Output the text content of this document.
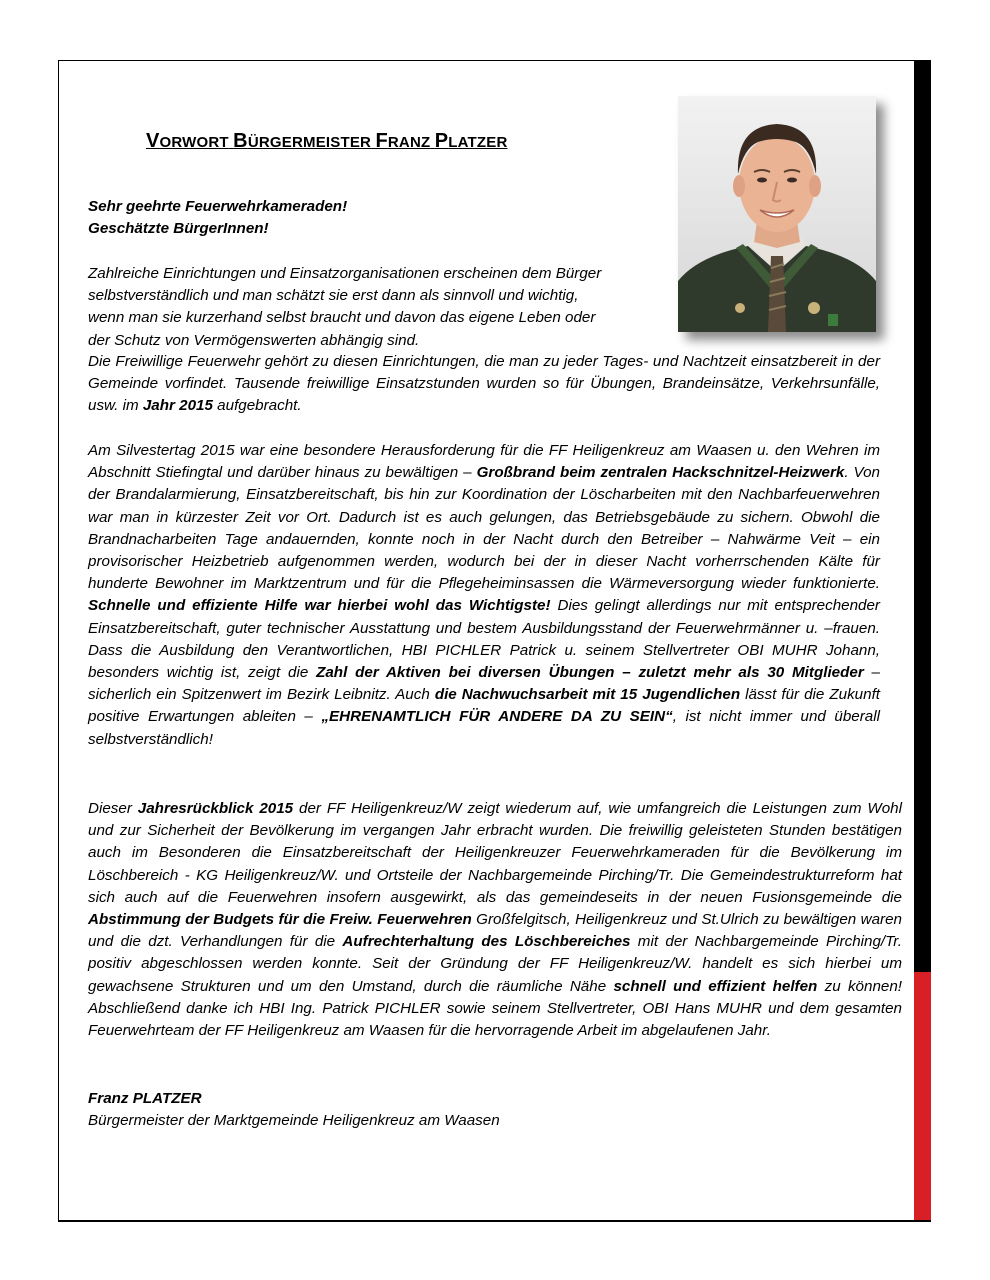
VORWORT BÜRGERMEISTER FRANZ PLATZER

Sehr geehrte Feuerwehrkameraden!

Geschätzte BürgerInnen!

Zahlreiche Einrichtungen und Einsatzorganisationen erscheinen dem Bürger

selbstverständlich und man schätzt sie erst dann als sinnvoll und wichtig,

wenn man sie kurzerhand selbst braucht und davon das eigene Leben oder

der Schutz von Vermögenswerten abhängig sind.

Die Freiwillige Feuerwehr gehört zu diesen Einrichtungen, die man zu jeder Tages- und Nachtzeit einsatzbereit in der Gemeinde vorfindet. Tausende freiwillige Einsatzstunden wurden so für Übungen, Brandeinsätze, Verkehrsunfälle, usw. im Jahr 2015 aufgebracht.
Am Silvestertag 2015 war eine besondere Herausforderung für die FF Heiligenkreuz am Waasen u. den Wehren im Abschnitt Stiefingtal und darüber hinaus zu bewältigen – Großbrand beim zentralen Hackschnitzel-Heizwerk. Von der Brandalarmierung, Einsatzbereitschaft, bis hin zur Koordination der Löscharbeiten mit den Nachbarfeuerwehren war man in kürzester Zeit vor Ort. Dadurch ist es auch gelungen, das Betriebsgebäude zu sichern. Obwohl die Brandnacharbeiten Tage andauernden, konnte noch in der Nacht durch den Betreiber – Nahwärme Veit – ein provisorischer Heizbetrieb aufgenommen werden, wodurch bei der in dieser Nacht vorherrschenden Kälte für hunderte Bewohner im Marktzentrum und für die Pflegeheiminsassen die Wärmeversorgung wieder funktionierte. Schnelle und effiziente Hilfe war hierbei wohl das Wichtigste! Dies gelingt allerdings nur mit entsprechender Einsatzbereitschaft, guter technischer Ausstattung und bestem Ausbildungsstand der Feuerwehrmänner u. –frauen. Dass die Ausbildung den Verantwortlichen, HBI PICHLER Patrick u. seinem Stellvertreter OBI MUHR Johann, besonders wichtig ist, zeigt die Zahl der Aktiven bei diversen Übungen – zuletzt mehr als 30 Mitglieder – sicherlich ein Spitzenwert im Bezirk Leibnitz. Auch die Nachwuchsarbeit mit 15 Jugendlichen lässt für die Zukunft positive Erwartungen ableiten – „EHRENAMTLICH FÜR ANDERE DA ZU SEIN“, ist nicht immer und überall selbstverständlich!
Dieser Jahresrückblick 2015 der FF Heiligenkreuz/W zeigt wiederum auf, wie umfangreich die Leistungen zum Wohl und zur Sicherheit der Bevölkerung im vergangen Jahr erbracht wurden. Die freiwillig geleisteten Stunden bestätigen auch im Besonderen die Einsatzbereitschaft der Heiligenkreuzer Feuerwehrkameraden für die Bevölkerung im Löschbereich - KG Heiligenkreuz/W. und Ortsteile der Nachbargemeinde Pirching/Tr. Die Gemeindestrukturreform hat sich auch auf die Feuerwehren insofern ausgewirkt, als das gemeindeseits in der neuen Fusionsgemeinde die Abstimmung der Budgets für die Freiw. Feuerwehren Großfelgitsch, Heiligenkreuz und St.Ulrich zu bewältigen waren und die dzt. Verhandlungen für die Aufrechterhaltung des Löschbereiches mit der Nachbargemeinde Pirching/Tr. positiv abgeschlossen werden konnte. Seit der Gründung der FF Heiligenkreuz/W. handelt es sich hierbei um gewachsene Strukturen und um den Umstand, durch die räumliche Nähe schnell und effizient helfen zu können! Abschließend danke ich HBI Ing. Patrick PICHLER sowie seinem Stellvertreter, OBI Hans MUHR und dem gesamten Feuerwehrteam der FF Heiligenkreuz am Waasen für die hervorragende Arbeit im abgelaufenen Jahr.

Franz PLATZER

Bürgermeister der Marktgemeinde Heiligenkreuz am Waasen
